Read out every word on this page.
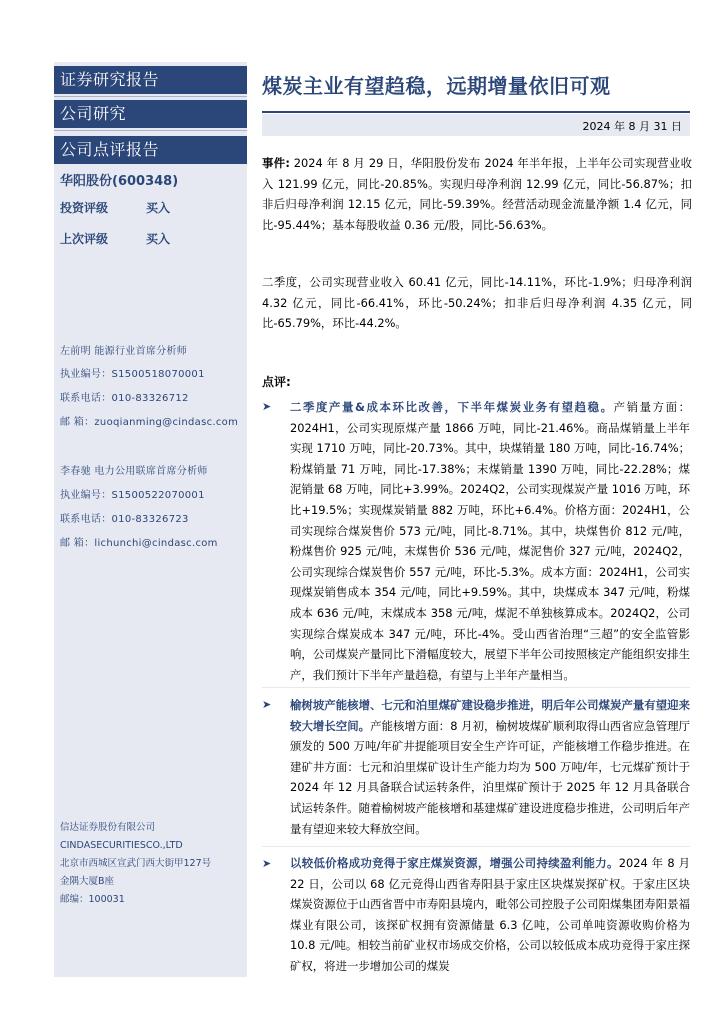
证券研究报告
公司研究
公司点评报告
华阳股份(600348)
投资评级	买入
上次评级	买入
左前明 能源行业首席分析师
执业编号：S1500518070001
联系电话：010-83326712
邮 箱：zuoqianming@cindasc.com
李春驰 电力公用联席首席分析师
执业编号：S1500522070001
联系电话：010-83326723
邮 箱：lichunchi@cindasc.com
信达证券股份有限公司
CINDASECURITIESCO.,LTD
北京市西城区宣武门西大街甲127号
金隅大厦B座
邮编：100031
煤炭主业有望趋稳，远期增量依旧可观
2024 年 8 月 31 日

事件: 2024 年 8 月 29 日，华阳股份发布 2024 年半年报，上半年公司实现营业收入 121.99 亿元，同比-20.85%。实现归母净利润 12.99 亿元，同比-56.87%；扣非后归母净利润 12.15 亿元，同比-59.39%。经营活动现金流量净额 1.4 亿元，同比-95.44%；基本每股收益 0.36 元/股，同比-56.63%。

二季度，公司实现营业收入 60.41 亿元，同比-14.11%，环比-1.9%；归母净利润 4.32 亿元，同比-66.41%，环比-50.24%；扣非后归母净利润 4.35 亿元，同比-65.79%，环比-44.2%。

点评:
➤ 二季度产量&成本环比改善，下半年煤炭业务有望趋稳。产销量方面：2024H1，公司实现原煤产量 1866 万吨，同比-21.46%。商品煤销量上半年实现 1710 万吨，同比-20.73%。其中，块煤销量 180 万吨，同比-16.74%；粉煤销量 71 万吨，同比-17.38%；末煤销量 1390 万吨，同比-22.28%；煤泥销量 68 万吨，同比+3.99%。2024Q2，公司实现煤炭产量 1016 万吨，环比+19.5%；实现煤炭销量 882 万吨，环比+6.4%。价格方面：2024H1，公司实现综合煤炭售价 573 元/吨，同比-8.71%。其中，块煤售价 812 元/吨，粉煤售价 925 元/吨，末煤售价 536 元/吨，煤泥售价 327 元/吨，2024Q2，公司实现综合煤炭售价 557 元/吨，环比-5.3%。成本方面：2024H1，公司实现煤炭销售成本 354 元/吨，同比+9.59%。其中，块煤成本 347 元/吨，粉煤成本 636 元/吨，末煤成本 358 元/吨，煤泥不单独核算成本。2024Q2，公司实现综合煤炭成本 347 元/吨，环比-4%。受山西省治理“三超”的安全监管影响，公司煤炭产量同比下滑幅度较大，展望下半年公司按照核定产能组织安排生产，我们预计下半年产量趋稳，有望与上半年产量相当。

➤ 榆树坡产能核增、七元和泊里煤矿建设稳步推进，明后年公司煤炭产量有望迎来较大增长空间。产能核增方面：8 月初，榆树坡煤矿顺利取得山西省应急管理厅颁发的 500 万吨/年矿井提能项目安全生产许可证，产能核增工作稳步推进。在建矿井方面：七元和泊里煤矿设计生产能力均为 500 万吨/年，七元煤矿预计于 2024 年 12 月具备联合试运转条件，泊里煤矿预计于 2025 年 12 月具备联合试运转条件。随着榆树坡产能核增和基建煤矿建设进度稳步推进，公司明后年产量有望迎来较大释放空间。

➤ 以较低价格成功竞得于家庄煤炭资源，增强公司持续盈利能力。2024 年 8 月 22 日，公司以 68 亿元竞得山西省寿阳县于家庄区块煤炭探矿权。于家庄区块煤炭资源位于山西省晋中市寿阳县境内，毗邻公司控股子公司阳煤集团寿阳景福煤业有限公司，该探矿权拥有资源储量 6.3 亿吨，公司单吨资源收购价格为 10.8 元/吨。相较当前矿业权市场成交价格，公司以较低成本成功竞得于家庄探矿权，将进一步增加公司的煤炭
